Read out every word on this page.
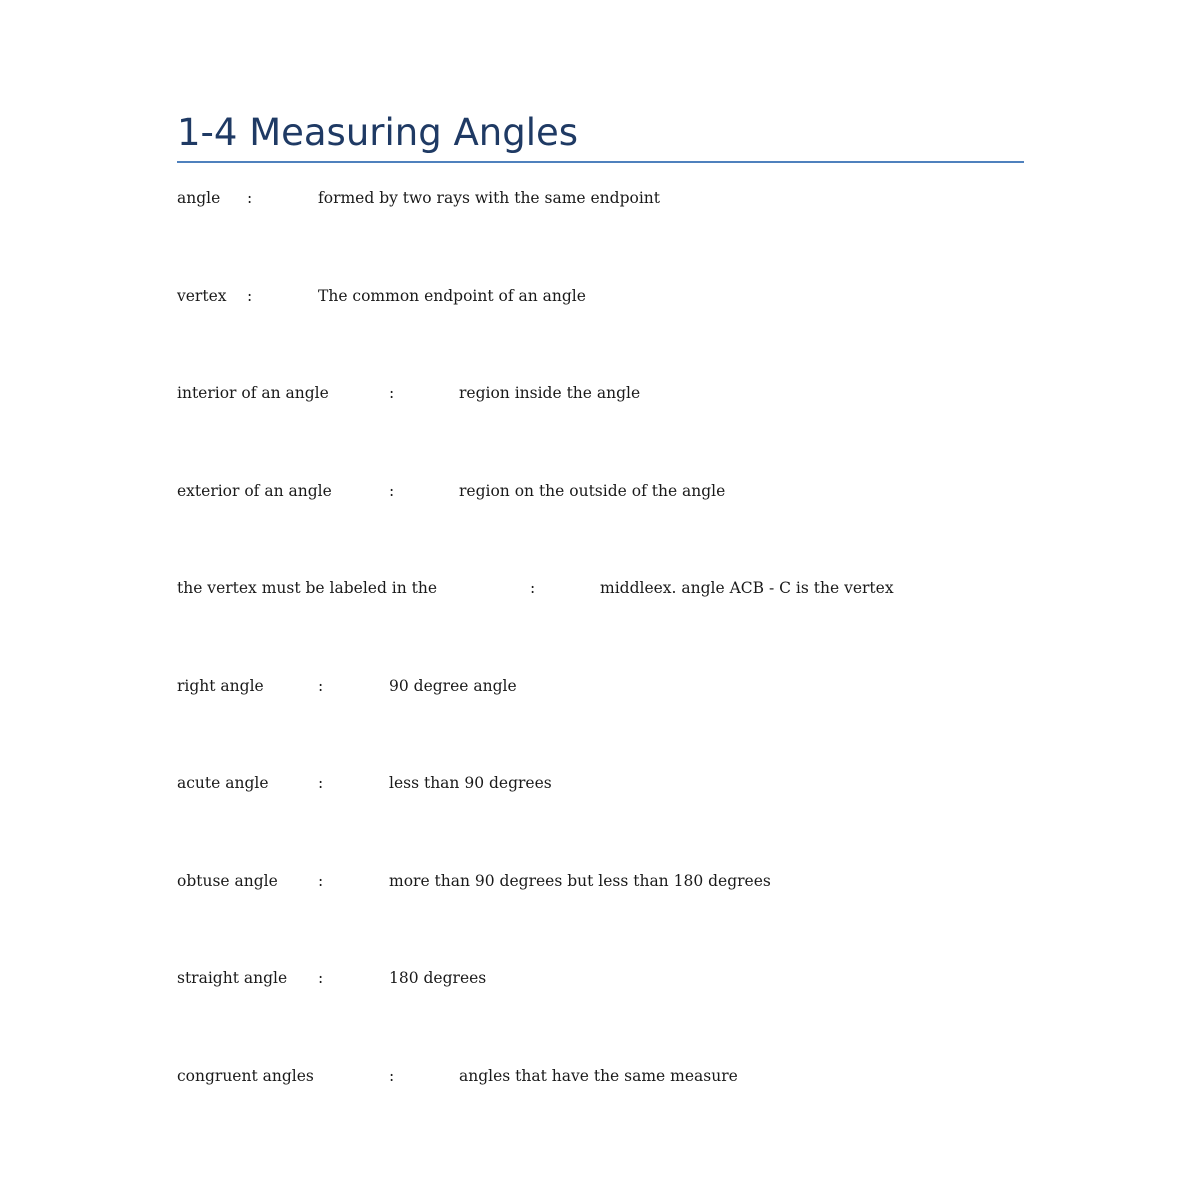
1-4 Measuring Angles
angle :	formed by two rays with the same endpoint
vertex :	The common endpoint of an angle
interior of an angle	:	region inside the angle
exterior of an angle	:	region on the outside of the angle
the vertex must be labeled in the	:	middleex. angle ACB - C is the vertex
right angle	:	90 degree angle
acute angle	:	less than 90 degrees
obtuse angle	:	more than 90 degrees but less than 180 degrees
straight angle :	180 degrees
congruent angles	:	angles that have the same measure
